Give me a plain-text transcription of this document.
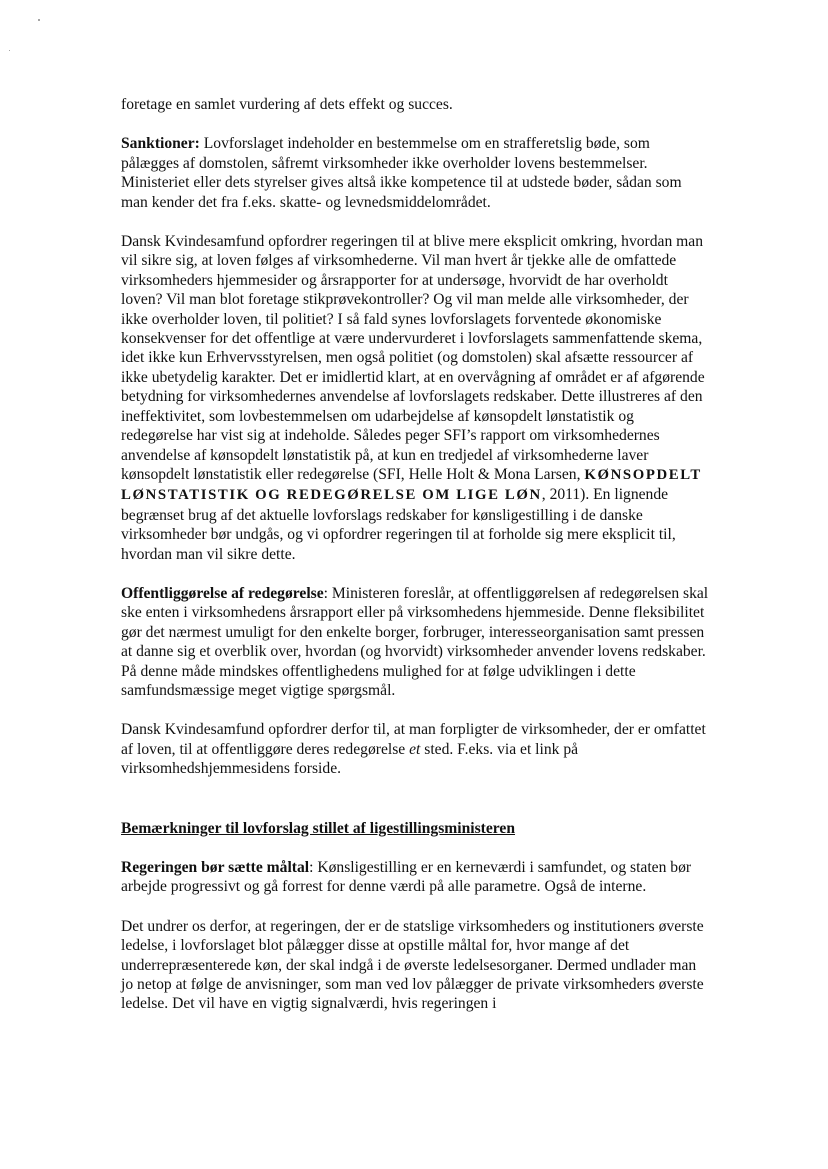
foretage en samlet vurdering af dets effekt og succes.

Sanktioner: Lovforslaget indeholder en bestemmelse om en strafferetslig bøde, som pålægges af domstolen, såfremt virksomheder ikke overholder lovens bestemmelser. Ministeriet eller dets styrelser gives altså ikke kompetence til at udstede bøder, sådan som man kender det fra f.eks. skatte- og levnedsmiddelområdet.

Dansk Kvindesamfund opfordrer regeringen til at blive mere eksplicit omkring, hvordan man vil sikre sig, at loven følges af virksomhederne. Vil man hvert år tjekke alle de omfattede virksomheders hjemmesider og årsrapporter for at undersøge, hvorvidt de har overholdt loven? Vil man blot foretage stikprøvekontroller? Og vil man melde alle virksomheder, der ikke overholder loven, til politiet? I så fald synes lovforslagets forventede økonomiske konsekvenser for det offentlige at være undervurderet i lovforslagets sammenfattende skema, idet ikke kun Erhvervsstyrelsen, men også politiet (og domstolen) skal afsætte ressourcer af ikke ubetydelig karakter. Det er imidlertid klart, at en overvågning af området er af afgørende betydning for virksomhedernes anvendelse af lovforslagets redskaber. Dette illustreres af den ineffektivitet, som lovbestemmelsen om udarbejdelse af kønsopdelt lønstatistik og redegørelse har vist sig at indeholde. Således peger SFI’s rapport om virksomhedernes anvendelse af kønsopdelt lønstatistik på, at kun en tredjedel af virksomhederne laver kønsopdelt lønstatistik eller redegørelse (SFI, Helle Holt & Mona Larsen, KØNSOPDELT LØNSTATISTIK OG REDEGØRELSE OM LIGE LØN, 2011). En lignende begrænset brug af det aktuelle lovforslags redskaber for kønsligestilling i de danske virksomheder bør undgås, og vi opfordrer regeringen til at forholde sig mere eksplicit til, hvordan man vil sikre dette.

Offentliggørelse af redegørelse: Ministeren foreslår, at offentliggørelsen af redegørelsen skal ske enten i virksomhedens årsrapport eller på virksomhedens hjemmeside. Denne fleksibilitet gør det nærmest umuligt for den enkelte borger, forbruger, interesseorganisation samt pressen at danne sig et overblik over, hvordan (og hvorvidt) virksomheder anvender lovens redskaber. På denne måde mindskes offentlighedens mulighed for at følge udviklingen i dette samfundsmæssige meget vigtige spørgsmål.

Dansk Kvindesamfund opfordrer derfor til, at man forpligter de virksomheder, der er omfattet af loven, til at offentliggøre deres redegørelse et sted. F.eks. via et link på virksomhedshjemmesidens forside.

Bemærkninger til lovforslag stillet af ligestillingsministeren

Regeringen bør sætte måltal: Kønsligestilling er en kerneværdi i samfundet, og staten bør arbejde progressivt og gå forrest for denne værdi på alle parametre. Også de interne.

Det undrer os derfor, at regeringen, der er de statslige virksomheders og institutioners øverste ledelse, i lovforslaget blot pålægger disse at opstille måltal for, hvor mange af det underrepræsenterede køn, der skal indgå i de øverste ledelsesorganer. Dermed undlader man jo netop at følge de anvisninger, som man ved lov pålægger de private virksomheders øverste ledelse. Det vil have en vigtig signalværdi, hvis regeringen i
